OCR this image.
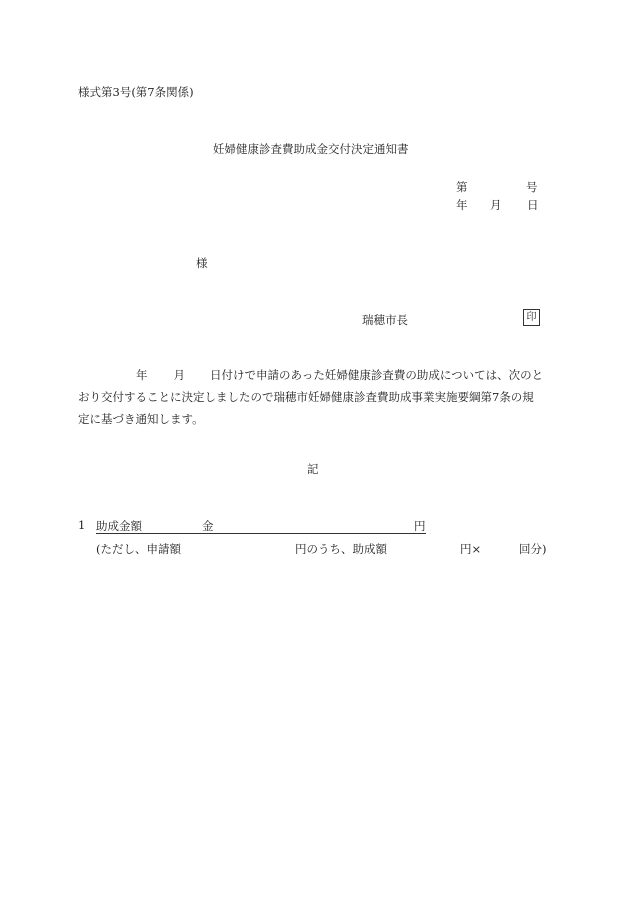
様式第3号(第7条関係)
妊婦健康診査費助成金交付決定通知書
第	号
年 月 日
様
瑞穂市長	印
年 月 日付けで申請のあった妊婦健康診査費の助成については、次のと
おり交付することに決定しましたので瑞穂市妊婦健康診査費助成事業実施要綱第7条の規
定に基づき通知します。
記
1 助成金額	金	円
(ただし、申請額	円のうち、助成額	円×	回分)
